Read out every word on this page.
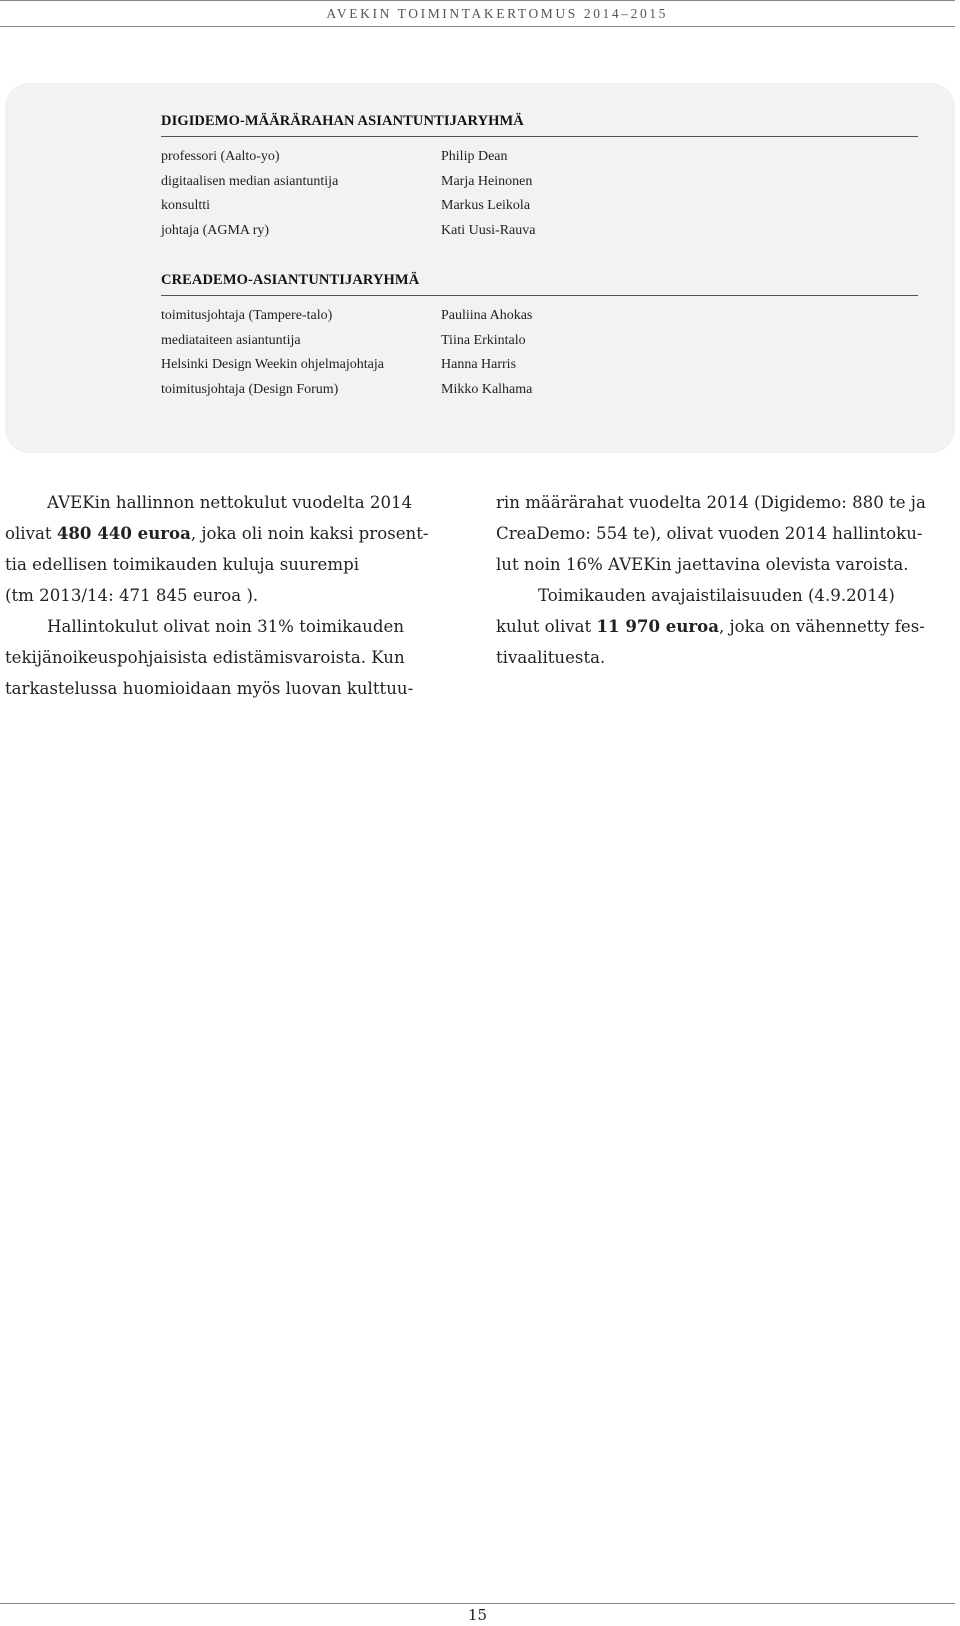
AVEKIN TOIMINTAKERTOMUS 2014–2015
DIGIDEMO-MÄÄRÄRAHAN ASIANTUNTIJARYHMÄ
professori (Aalto-yo)	Philip Dean
digitaalisen median asiantuntija	Marja Heinonen
konsultti	Markus Leikola
johtaja (AGMA ry)	Kati Uusi-Rauva
CREADEMO-ASIANTUNTIJARYHMÄ
toimitusjohtaja (Tampere-talo)	Pauliina Ahokas
mediataiteen asiantuntija	Tiina Erkintalo
Helsinki Design Weekin ohjelmajohtaja	Hanna Harris
toimitusjohtaja (Design Forum)	Mikko Kalhama

AVEKin hallinnon nettokulut vuodelta 2014

olivat 480 440 euroa, joka oli noin kaksi prosent-

tia edellisen toimikauden kuluja suurempi

(tm 2013/14: 471 845 euroa ).

Hallintokulut olivat noin 31% toimikauden

tekijänoikeuspohjaisista edistämisvaroista. Kun

tarkastelussa huomioidaan myös luovan kulttuu-

rin määrärahat vuodelta 2014 (Digidemo: 880 te ja

CreaDemo: 554 te), olivat vuoden 2014 hallintoku-

lut noin 16% AVEKin jaettavina olevista varoista.

Toimikauden avajaistilaisuuden (4.9.2014)

kulut olivat 11 970 euroa, joka on vähennetty fes-

tivaalituesta.

15
